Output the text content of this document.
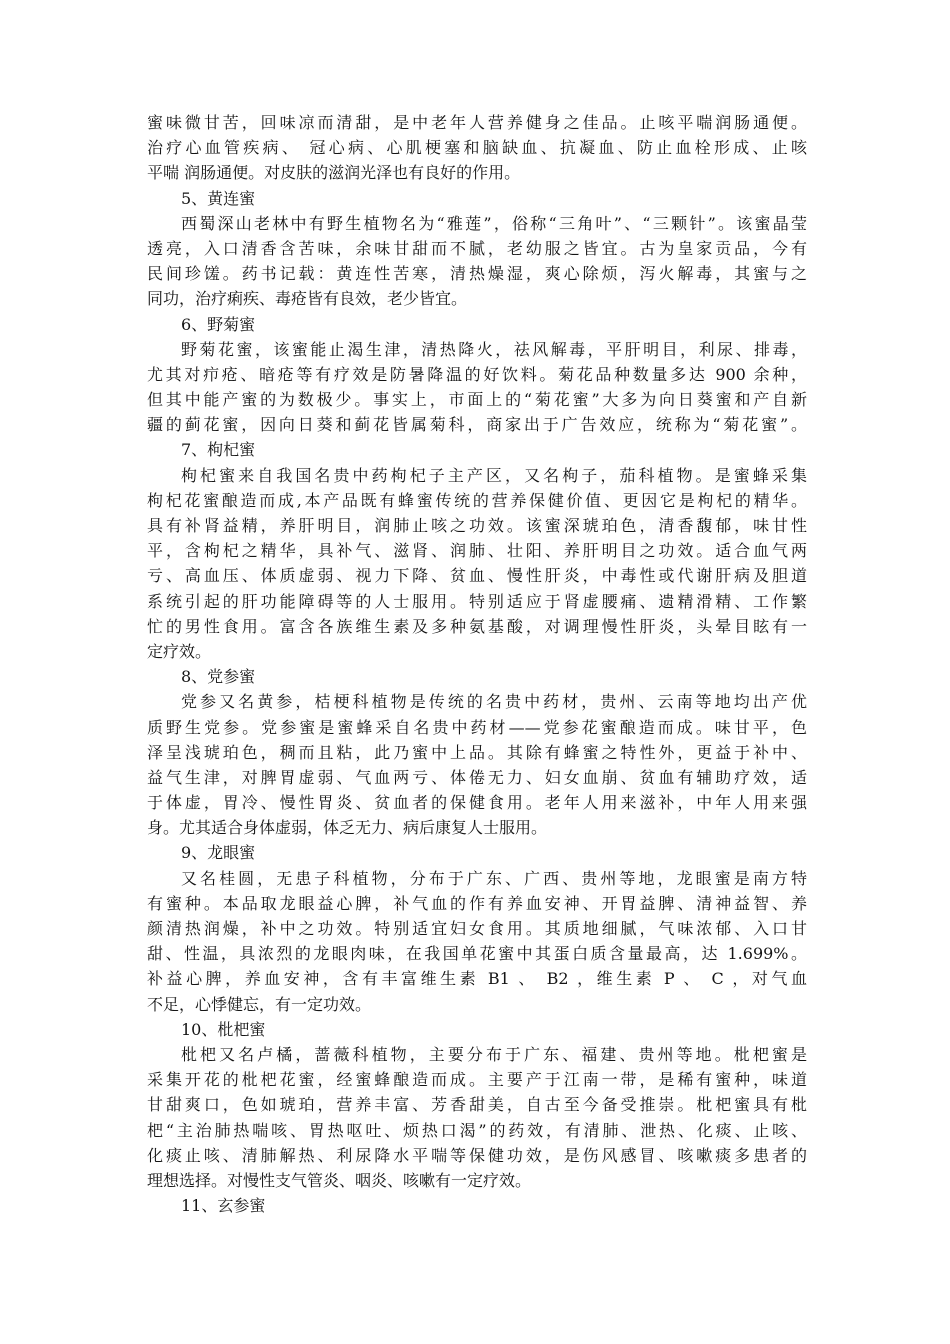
蜜味微甘苦，回味凉而清甜，是中老年人营养健身之佳品。止咳平喘润肠通便。
治疗心血管疾病、 冠心病、心肌梗塞和脑缺血、抗凝血、防止血栓形成、止咳
平喘 润肠通便。对皮肤的滋润光泽也有良好的作用。
5、黄连蜜
西蜀深山老林中有野生植物名为“雅莲”，俗称“三角叶”、“三颗针”。该蜜晶莹
透亮，入口清香含苦味，余味甘甜而不腻，老幼服之皆宜。古为皇家贡品，今有
民间珍馐。药书记载：黄连性苦寒，清热燥湿，爽心除烦，泻火解毒，其蜜与之
同功，治疗痢疾、毒疮皆有良效，老少皆宜。
6、野菊蜜
野菊花蜜，该蜜能止渴生津，清热降火，祛风解毒，平肝明目，利尿、排毒，
尤其对疖疮、暗疮等有疗效是防暑降温的好饮料。菊花品种数量多达 900 余种，
但其中能产蜜的为数极少。事实上，市面上的“菊花蜜”大多为向日葵蜜和产自新
疆的蓟花蜜，因向日葵和蓟花皆属菊科，商家出于广告效应，统称为“菊花蜜”。
7、枸杞蜜
枸杞蜜来自我国名贵中药枸杞子主产区，又名枸子，茄科植物。是蜜蜂采集
枸杞花蜜酿造而成,本产品既有蜂蜜传统的营养保健价值、更因它是枸杞的精华。
具有补肾益精，养肝明目，润肺止咳之功效。该蜜深琥珀色，清香馥郁，味甘性
平，含枸杞之精华，具补气、滋肾、润肺、壮阳、养肝明目之功效。适合血气两
亏、高血压、体质虚弱、视力下降、贫血、慢性肝炎，中毒性或代谢肝病及胆道
系统引起的肝功能障碍等的人士服用。特别适应于肾虚腰痛、遗精滑精、工作繁
忙的男性食用。富含各族维生素及多种氨基酸，对调理慢性肝炎，头晕目眩有一
定疗效。
8、党参蜜
党参又名黄参，桔梗科植物是传统的名贵中药材，贵州、云南等地均出产优
质野生党参。党参蜜是蜜蜂采自名贵中药材——党参花蜜酿造而成。味甘平，色
泽呈浅琥珀色，稠而且粘，此乃蜜中上品。其除有蜂蜜之特性外，更益于补中、
益气生津，对脾胃虚弱、气血两亏、体倦无力、妇女血崩、贫血有辅助疗效，适
于体虚，胃冷、慢性胃炎、贫血者的保健食用。老年人用来滋补，中年人用来强
身。尤其适合身体虚弱，体乏无力、病后康复人士服用。
9、龙眼蜜
又名桂圆，无患子科植物，分布于广东、广西、贵州等地，龙眼蜜是南方特
有蜜种。本品取龙眼益心脾，补气血的作有养血安神、开胃益脾、清神益智、养
颜清热润燥，补中之功效。特别适宜妇女食用。其质地细腻，气味浓郁、入口甘
甜、性温，具浓烈的龙眼肉味，在我国单花蜜中其蛋白质含量最高，达 1.699%。
补益心脾，养血安神，含有丰富维生素 B1 、 B2 ，维生素 P 、 C ，对气血
不足，心悸健忘，有一定功效。
10、枇杷蜜
枇杷又名卢橘，蔷薇科植物，主要分布于广东、福建、贵州等地。枇杷蜜是
采集开花的枇杷花蜜，经蜜蜂酿造而成。主要产于江南一带，是稀有蜜种，味道
甘甜爽口，色如琥珀，营养丰富、芳香甜美，自古至今备受推崇。枇杷蜜具有枇
杷“主治肺热喘咳、胃热呕吐、烦热口渴”的药效，有清肺、泄热、化痰、止咳、
化痰止咳、清肺解热、利尿降水平喘等保健功效，是伤风感冒、咳嗽痰多患者的
理想选择。对慢性支气管炎、咽炎、咳嗽有一定疗效。
11、玄参蜜
